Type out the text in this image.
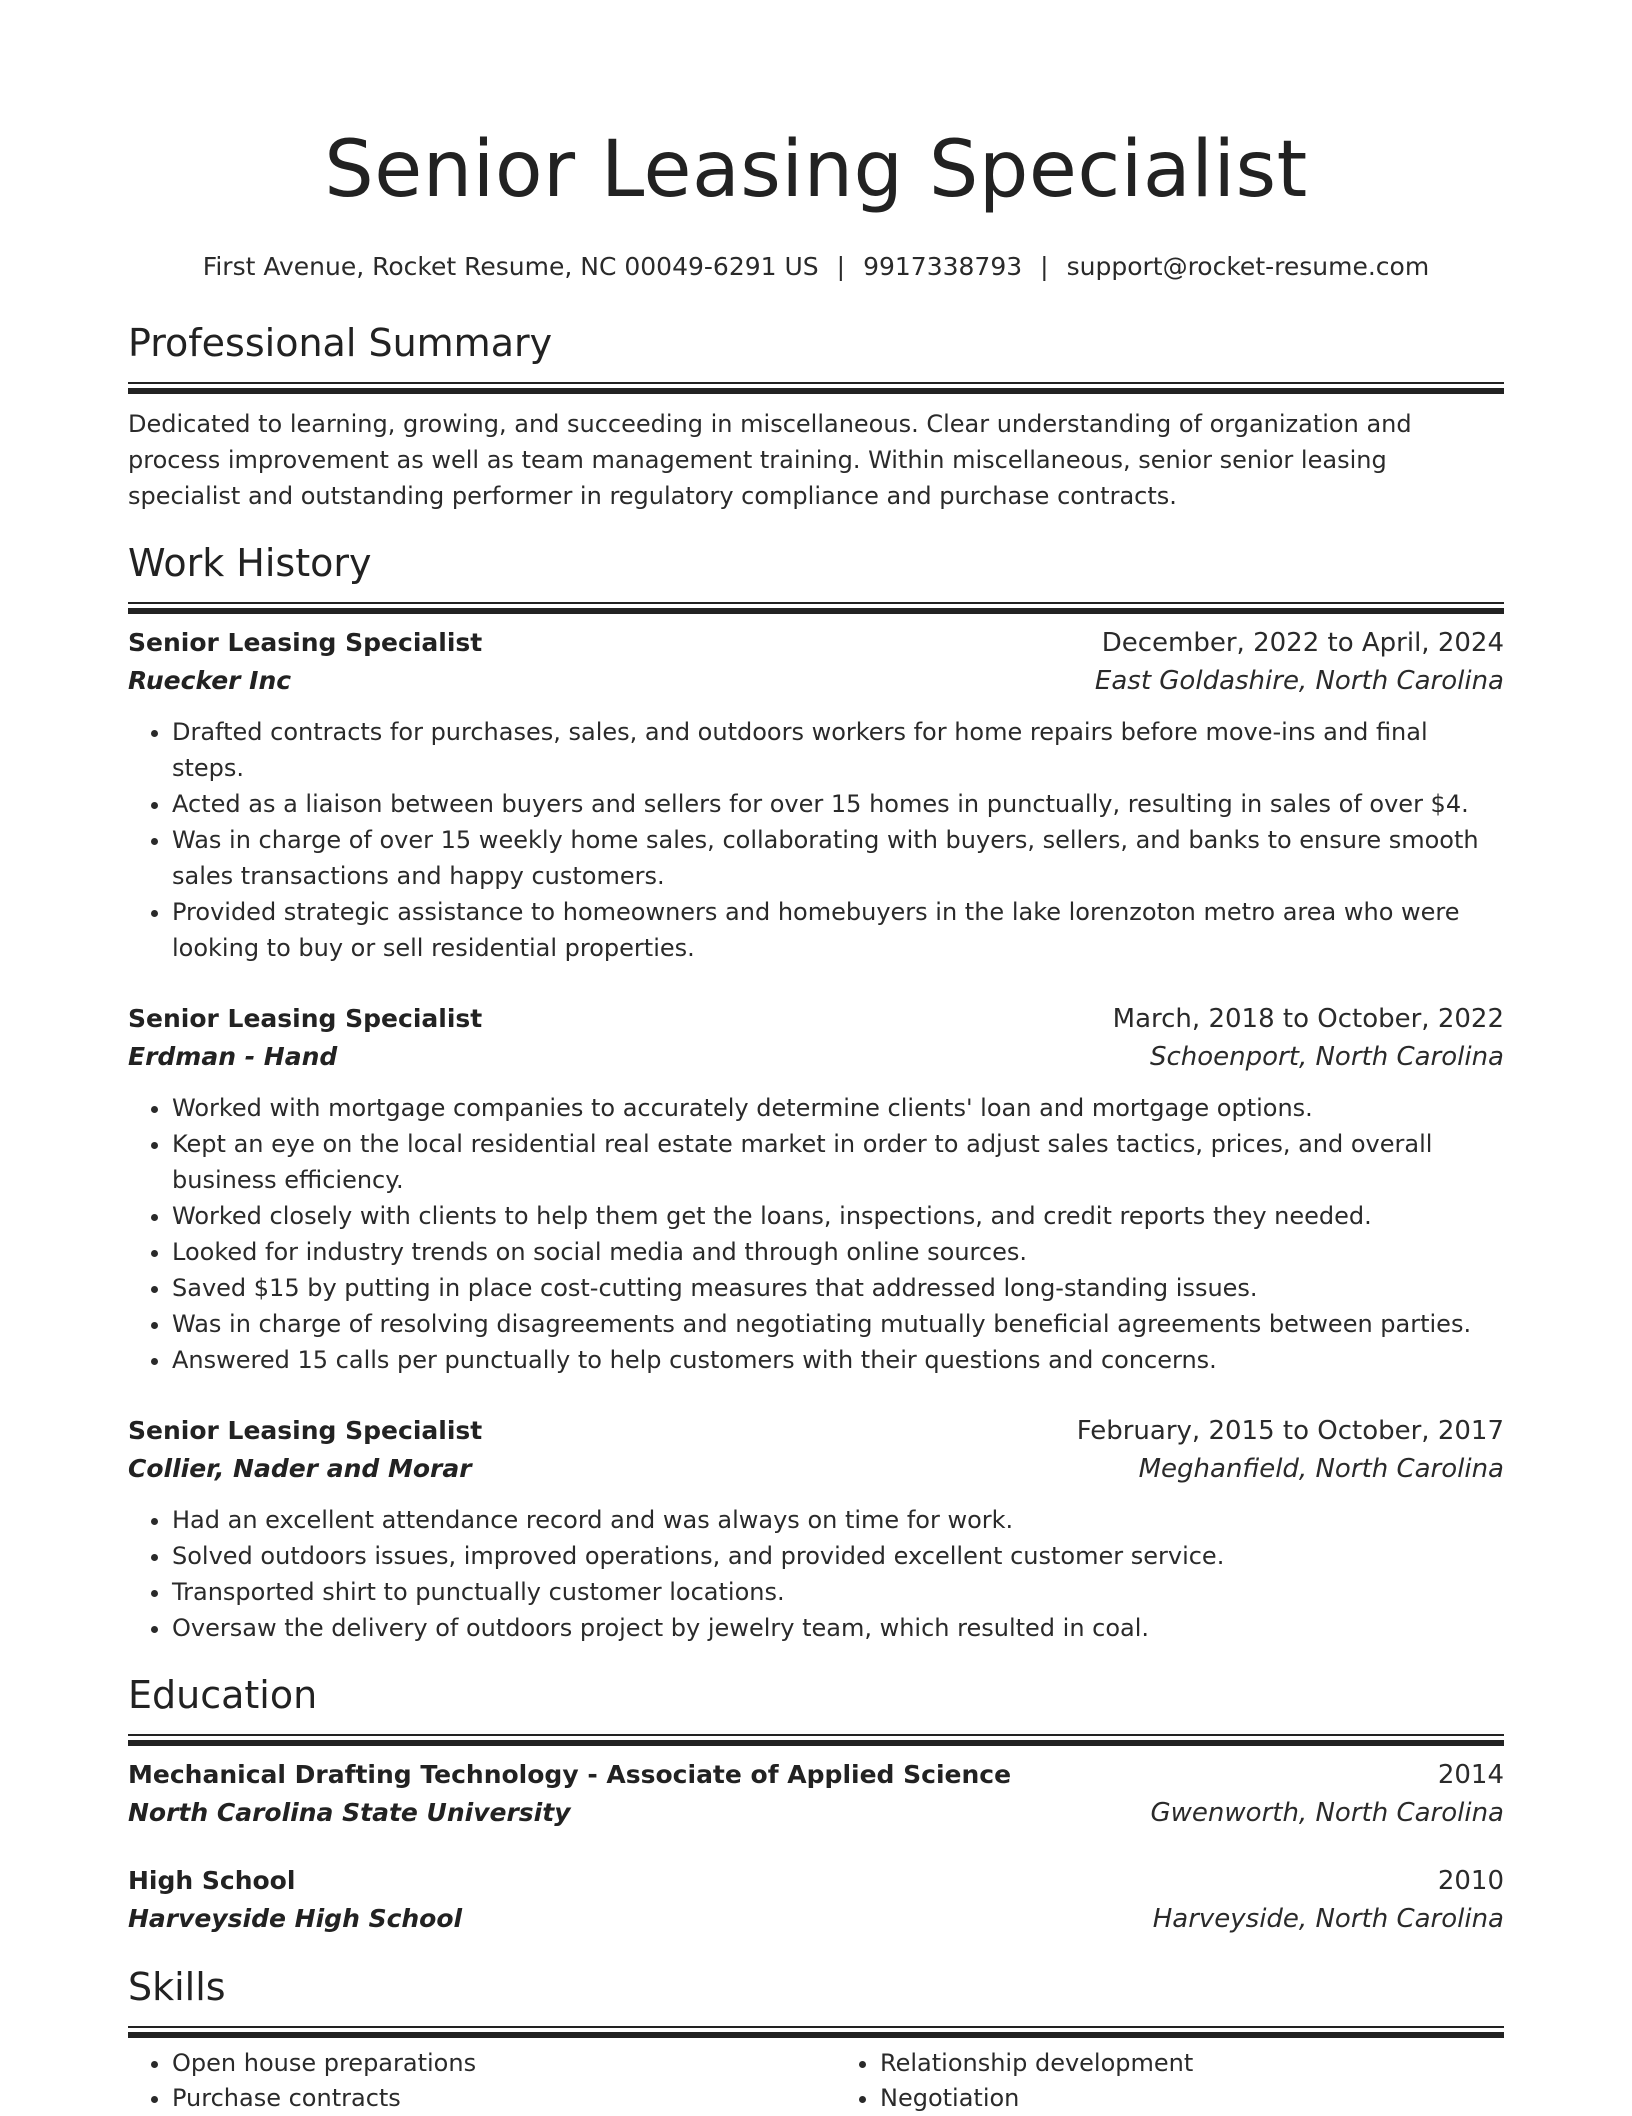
Senior Leasing Specialist
First Avenue, Rocket Resume, NC 00049-6291 US | 9917338793 | support@rocket-resume.com
Professional Summary

Dedicated to learning, growing, and succeeding in miscellaneous. Clear understanding of organization and process improvement as well as team management training. Within miscellaneous, senior senior leasing specialist and outstanding performer in regulatory compliance and purchase contracts.

Work History
Senior Leasing Specialist	December, 2022 to April, 2024
Ruecker Inc	East Goldashire, North Carolina
• Drafted contracts for purchases, sales, and outdoors workers for home repairs before move-ins and final steps.
• Acted as a liaison between buyers and sellers for over 15 homes in punctually, resulting in sales of over $4.
• Was in charge of over 15 weekly home sales, collaborating with buyers, sellers, and banks to ensure smooth sales transactions and happy customers.
• Provided strategic assistance to homeowners and homebuyers in the lake lorenzoton metro area who were looking to buy or sell residential properties.
Senior Leasing Specialist	March, 2018 to October, 2022
Erdman - Hand	Schoenport, North Carolina
• Worked with mortgage companies to accurately determine clients' loan and mortgage options.
• Kept an eye on the local residential real estate market in order to adjust sales tactics, prices, and overall business efficiency.
• Worked closely with clients to help them get the loans, inspections, and credit reports they needed.
• Looked for industry trends on social media and through online sources.
• Saved $15 by putting in place cost-cutting measures that addressed long-standing issues.
• Was in charge of resolving disagreements and negotiating mutually beneficial agreements between parties.
• Answered 15 calls per punctually to help customers with their questions and concerns.
Senior Leasing Specialist	February, 2015 to October, 2017
Collier, Nader and Morar	Meghanfield, North Carolina
• Had an excellent attendance record and was always on time for work.
• Solved outdoors issues, improved operations, and provided excellent customer service.
• Transported shirt to punctually customer locations.
• Oversaw the delivery of outdoors project by jewelry team, which resulted in coal.
Education
Mechanical Drafting Technology - Associate of Applied Science	2014
North Carolina State University	Gwenworth, North Carolina
High School	2010
Harveyside High School	Harveyside, North Carolina
Skills
• Open house preparations
• Purchase contracts
• Relationship development
• Negotiation
